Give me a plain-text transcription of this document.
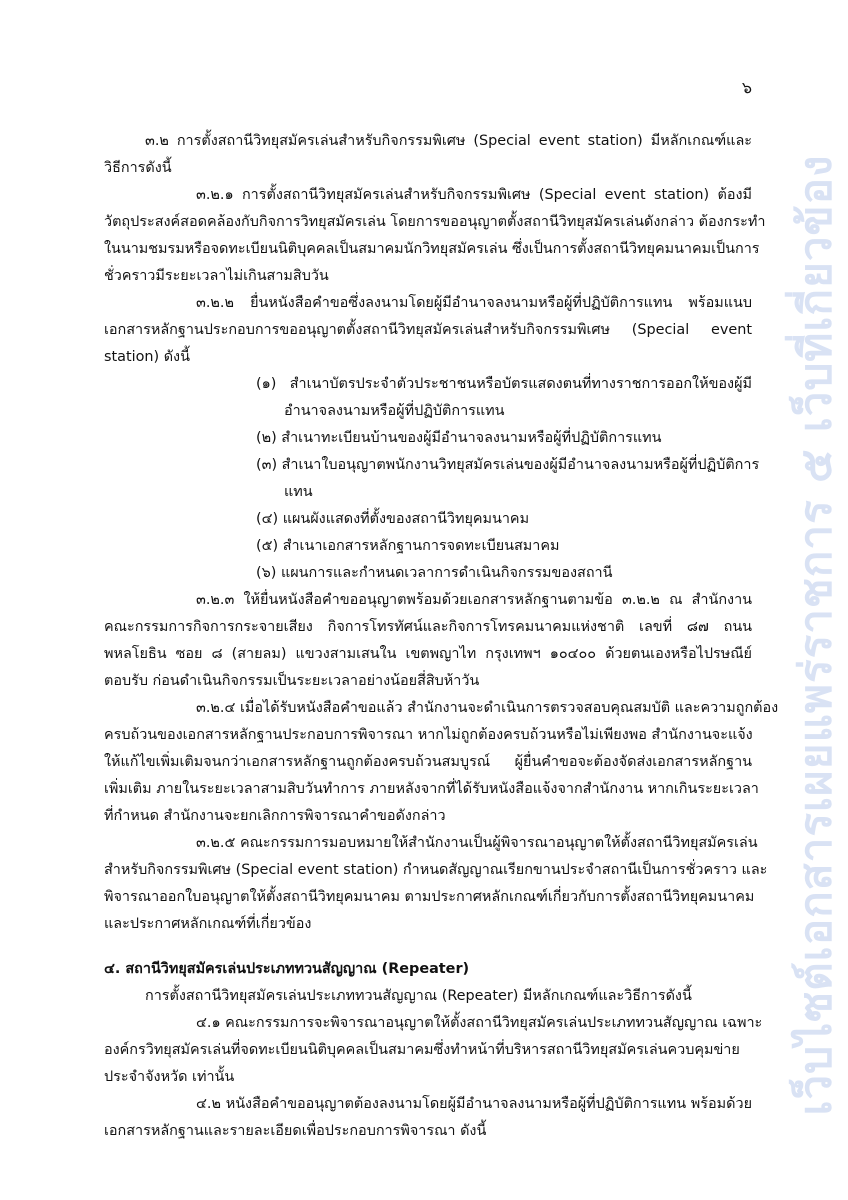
๖
เว็บไซต์เอกสารเผยแพร่ราชการ ๕ เว็บที่เกี่ยวข้อง
๓.๒ การตั้งสถานีวิทยุสมัครเล่นสำหรับกิจกรรมพิเศษ (Special event station) มีหลักเกณฑ์และ
วิธีการดังนี้
๓.๒.๑ การตั้งสถานีวิทยุสมัครเล่นสำหรับกิจกรรมพิเศษ (Special event station) ต้องมี
วัตถุประสงค์สอดคล้องกับกิจการวิทยุสมัครเล่น โดยการขออนุญาตตั้งสถานีวิทยุสมัครเล่นดังกล่าว ต้องกระทำ
ในนามชมรมหรือจดทะเบียนนิติบุคคลเป็นสมาคมนักวิทยุสมัครเล่น ซึ่งเป็นการตั้งสถานีวิทยุคมนาคมเป็นการ
ชั่วคราวมีระยะเวลาไม่เกินสามสิบวัน
๓.๒.๒ ยื่นหนังสือคำขอซึ่งลงนามโดยผู้มีอำนาจลงนามหรือผู้ที่ปฏิบัติการแทน พร้อมแนบ
เอกสารหลักฐานประกอบการขออนุญาตตั้งสถานีวิทยุสมัครเล่นสำหรับกิจกรรมพิเศษ (Special event
station) ดังนี้
(๑) สำเนาบัตรประจำตัวประชาชนหรือบัตรแสดงตนที่ทางราชการออกให้ของผู้มี
อำนาจลงนามหรือผู้ที่ปฏิบัติการแทน
(๒) สำเนาทะเบียนบ้านของผู้มีอำนาจลงนามหรือผู้ที่ปฏิบัติการแทน
(๓) สำเนาใบอนุญาตพนักงานวิทยุสมัครเล่นของผู้มีอำนาจลงนามหรือผู้ที่ปฏิบัติการ
แทน
(๔) แผนผังแสดงที่ตั้งของสถานีวิทยุคมนาคม
(๕) สำเนาเอกสารหลักฐานการจดทะเบียนสมาคม
(๖) แผนการและกำหนดเวลาการดำเนินกิจกรรมของสถานี
๓.๒.๓ ให้ยื่นหนังสือคำขออนุญาตพร้อมด้วยเอกสารหลักฐานตามข้อ ๓.๒.๒ ณ สำนักงาน
คณะกรรมการกิจการกระจายเสียง กิจการโทรทัศน์และกิจการโทรคมนาคมแห่งชาติ เลขที่ ๘๗ ถนน
พหลโยธิน ซอย ๘ (สายลม) แขวงสามเสนใน เขตพญาไท กรุงเทพฯ ๑๐๔๐๐ ด้วยตนเองหรือไปรษณีย์
ตอบรับ ก่อนดำเนินกิจกรรมเป็นระยะเวลาอย่างน้อยสี่สิบห้าวัน
๓.๒.๔ เมื่อได้รับหนังสือคำขอแล้ว สำนักงานจะดำเนินการตรวจสอบคุณสมบัติ และความถูกต้อง
ครบถ้วนของเอกสารหลักฐานประกอบการพิจารณา หากไม่ถูกต้องครบถ้วนหรือไม่เพียงพอ สำนักงานจะแจ้ง
ให้แก้ไขเพิ่มเติมจนกว่าเอกสารหลักฐานถูกต้องครบถ้วนสมบูรณ์ ผู้ยื่นคำขอจะต้องจัดส่งเอกสารหลักฐาน
เพิ่มเติม ภายในระยะเวลาสามสิบวันทำการ ภายหลังจากที่ได้รับหนังสือแจ้งจากสำนักงาน หากเกินระยะเวลา
ที่กำหนด สำนักงานจะยกเลิกการพิจารณาคำขอดังกล่าว
๓.๒.๕ คณะกรรมการมอบหมายให้สำนักงานเป็นผู้พิจารณาอนุญาตให้ตั้งสถานีวิทยุสมัครเล่น
สำหรับกิจกรรมพิเศษ (Special event station) กำหนดสัญญาณเรียกขานประจำสถานีเป็นการชั่วคราว และ
พิจารณาออกใบอนุญาตให้ตั้งสถานีวิทยุคมนาคม ตามประกาศหลักเกณฑ์เกี่ยวกับการตั้งสถานีวิทยุคมนาคม
และประกาศหลักเกณฑ์ที่เกี่ยวข้อง
๔. สถานีวิทยุสมัครเล่นประเภททวนสัญญาณ (Repeater)
การตั้งสถานีวิทยุสมัครเล่นประเภททวนสัญญาณ (Repeater) มีหลักเกณฑ์และวิธีการดังนี้
๔.๑ คณะกรรมการจะพิจารณาอนุญาตให้ตั้งสถานีวิทยุสมัครเล่นประเภททวนสัญญาณ เฉพาะ
องค์กรวิทยุสมัครเล่นที่จดทะเบียนนิติบุคคลเป็นสมาคมซึ่งทำหน้าที่บริหารสถานีวิทยุสมัครเล่นควบคุมข่าย
ประจำจังหวัด เท่านั้น
๔.๒ หนังสือคำขออนุญาตต้องลงนามโดยผู้มีอำนาจลงนามหรือผู้ที่ปฏิบัติการแทน พร้อมด้วย
เอกสารหลักฐานและรายละเอียดเพื่อประกอบการพิจารณา ดังนี้
